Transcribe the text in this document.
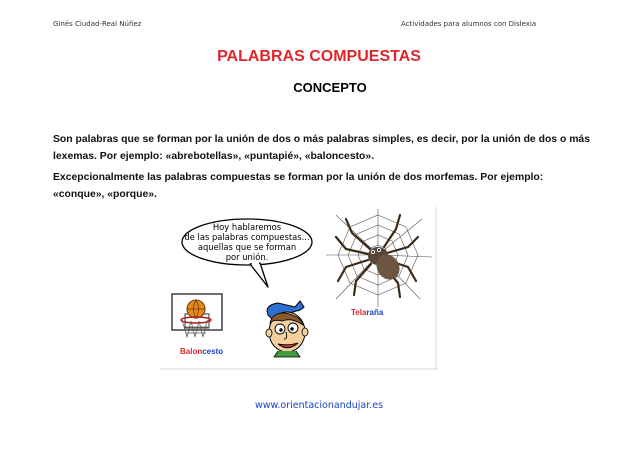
Ginés Ciudad-Real Núñez	Actividades para alumnos con Dislexia
PALABRAS COMPUESTAS
CONCEPTO
Son palabras que se forman por la unión de dos o más palabras simples, es decir, por la unión de dos o más lexemas. Por ejemplo: «abrebotellas», «puntapié», «baloncesto».
Excepcionalmente las palabras compuestas se forman por la unión de dos morfemas. Por ejemplo: «conque», «porque».
Hoy hablaremos
de las palabras compuestas...
aquellas que se forman
por unión.
Telaraña
Baloncesto
www.orientacionandujar.es
